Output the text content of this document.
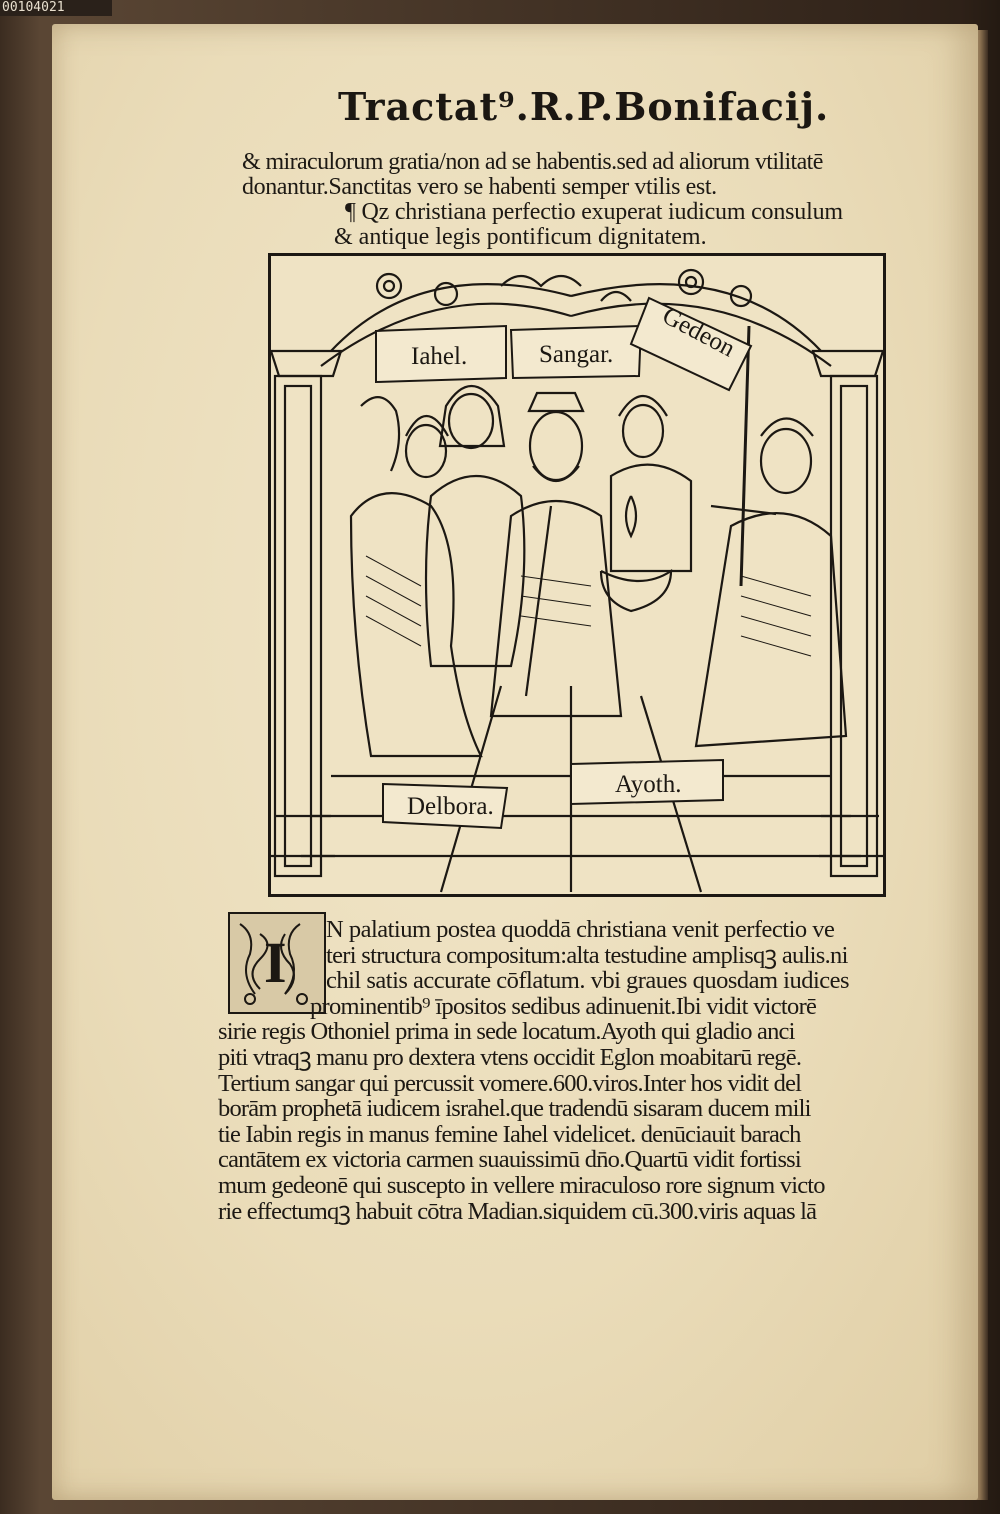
00104021
Tractat⁹.R.P.Bonifacij.
& miraculorum gratia/non ad se habentis.sed ad aliorum vtilitatē
donantur.Sanctitas vero se habenti semper vtilis est.
¶ Qz christiana perfectio exuperat iudicum consulum
& antique legis pontificum dignitatem.
Iahel.	Sangar. Gedeon
Delbora.
Ayoth.
I
N palatium postea quoddā christiana venit perfectio ve
teri structura compositum:alta testudine amplisqꝫ aulis.ni
chil satis accurate cōflatum. vbi graues quosdam iudices
prominentib⁹ īpositos sedibus adinuenit.Ibi vidit victorē
sirie regis Othoniel prima in sede locatum.Ayoth qui gladio anci
piti vtraqꝫ manu pro dextera vtens occidit Eglon moabitarū regē.
Tertium sangar qui percussit vomere.600.viros.Inter hos vidit del
borām prophetā iudicem israhel.que tradendū sisaram ducem mili
tie Iabin regis in manus femine Iahel videlicet. denūciauit barach
cantātem ex victoria carmen suauissimū dn̄o.Quartū vidit fortissi
mum gedeonē qui suscepto in vellere miraculoso rore signum victo
rie effectumqꝫ habuit cōtra Madian.siquidem cū.300.viris aquas lā
